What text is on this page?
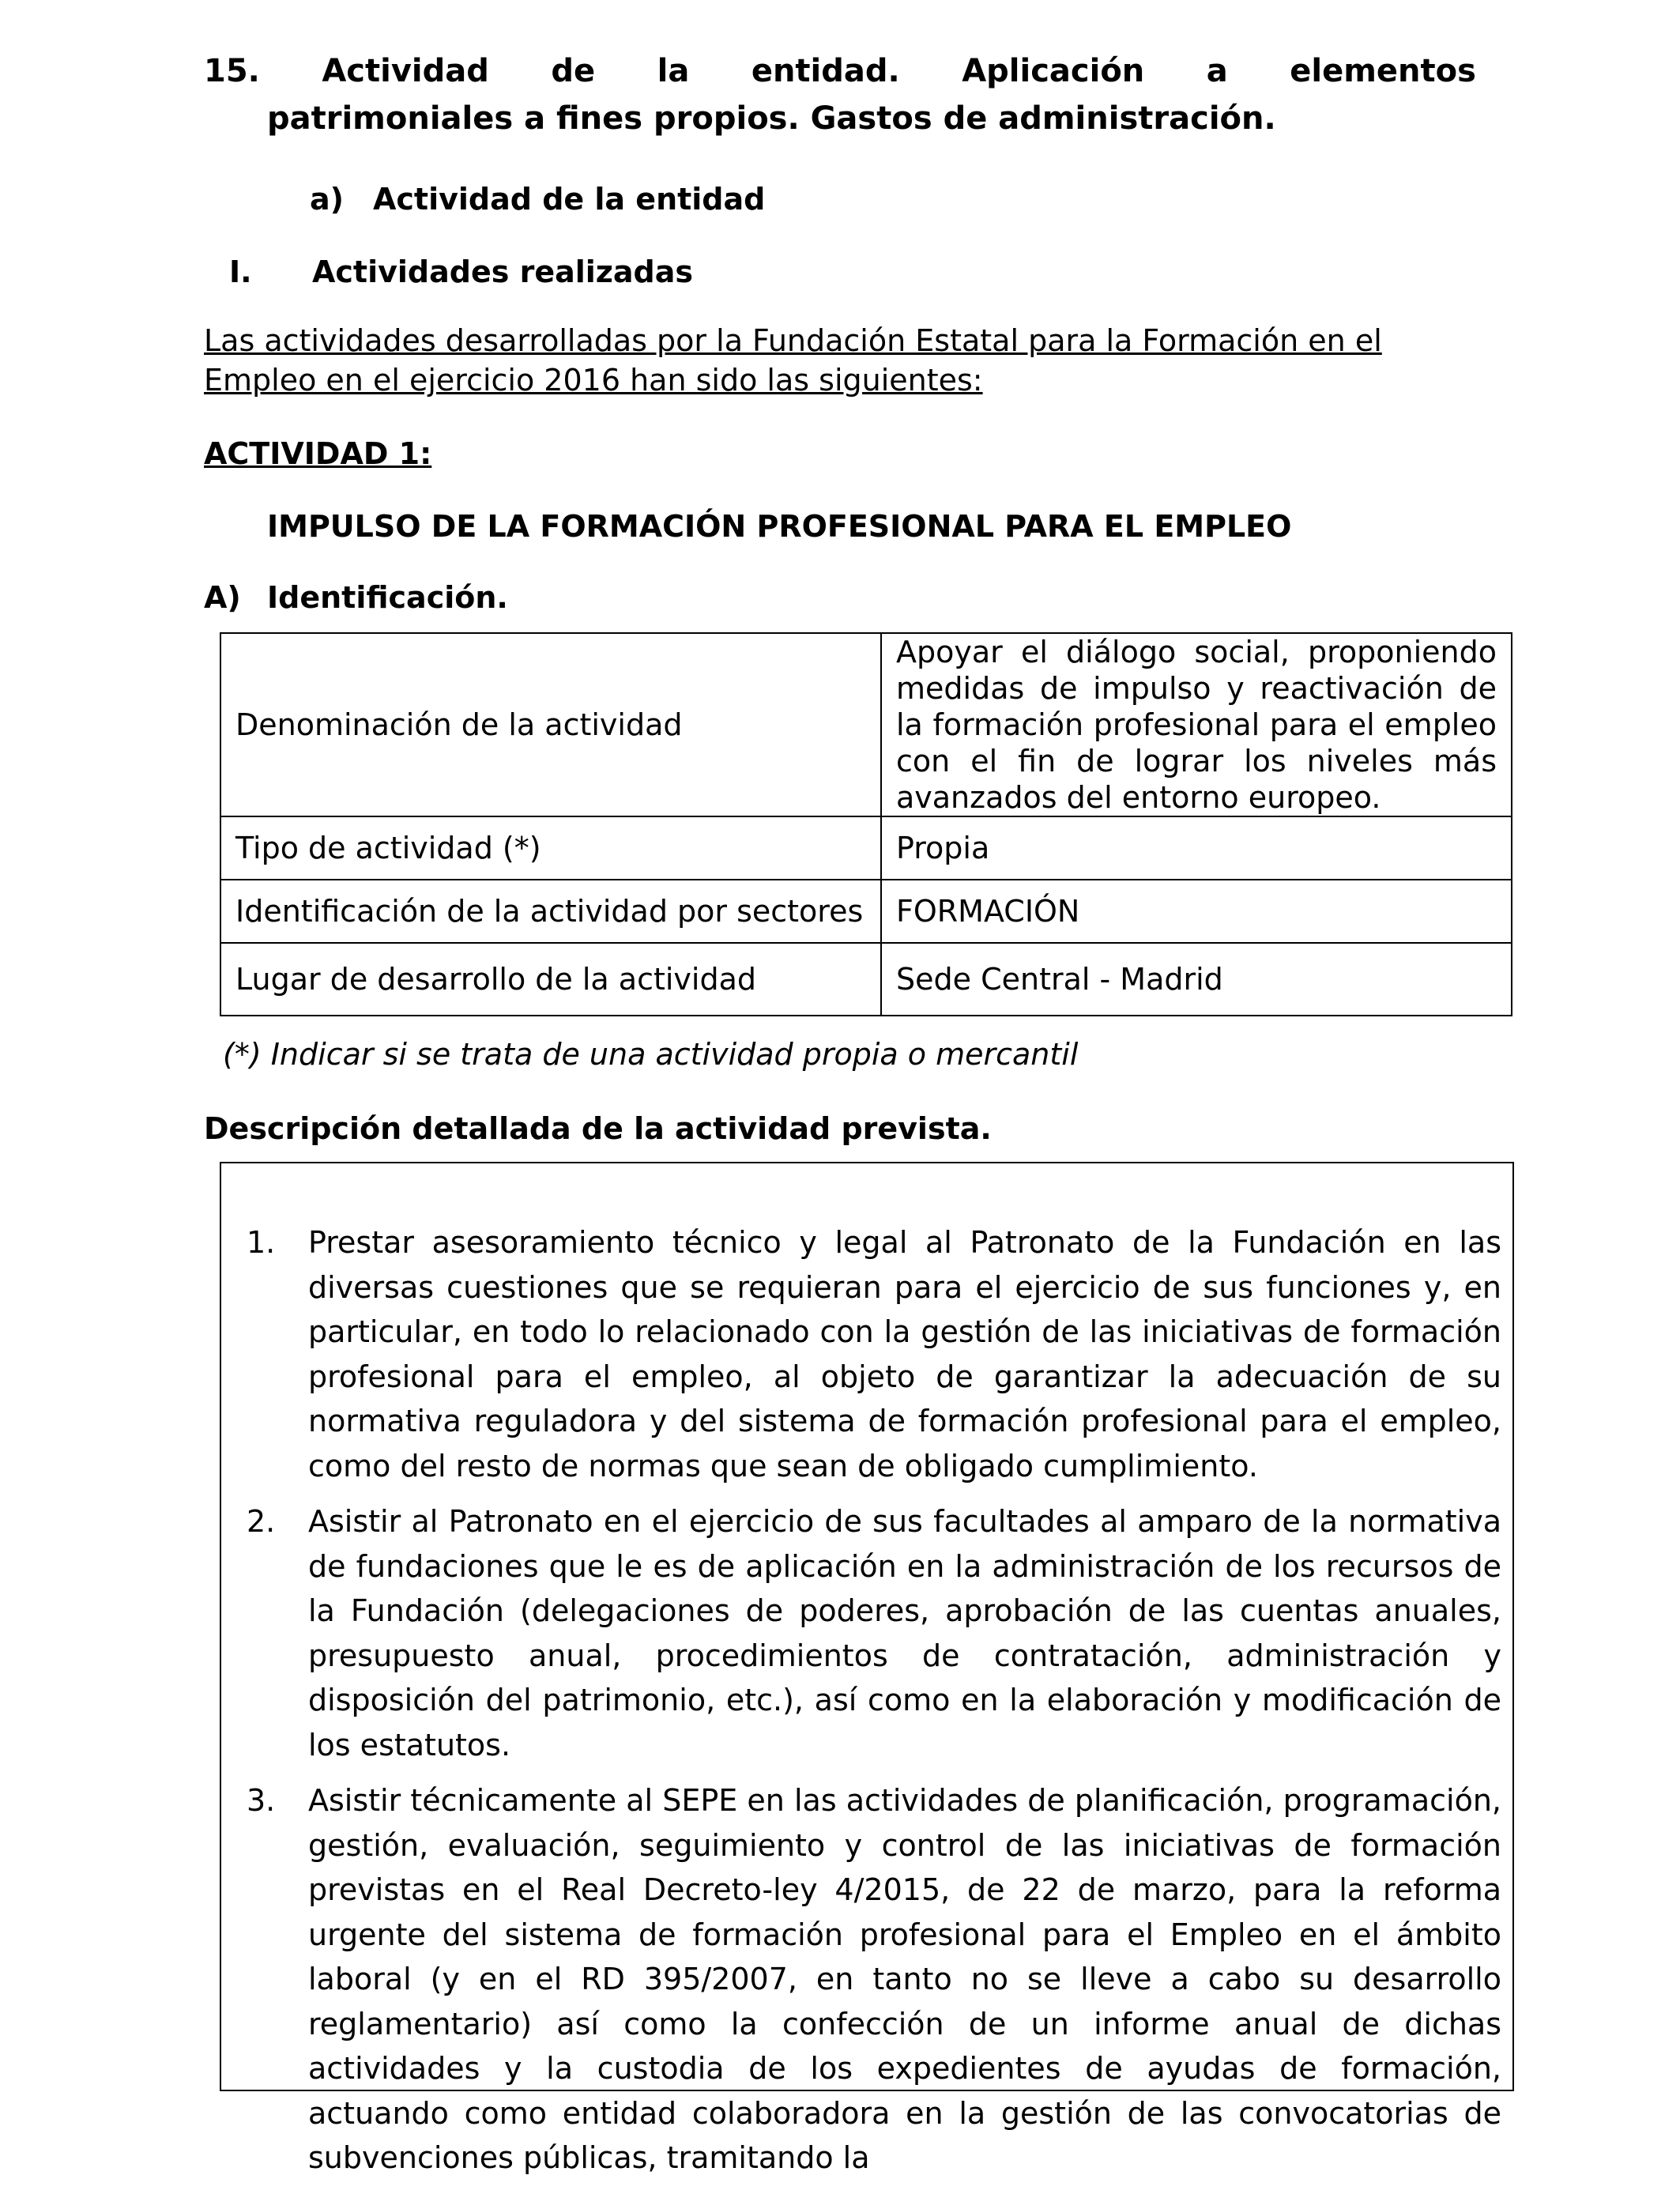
15. Actividad de la entidad. Aplicación a elementos
patrimoniales a fines propios. Gastos de administración.
a) Actividad de la entidad
I. Actividades realizadas
Las actividades desarrolladas por la Fundación Estatal para la Formación en el Empleo en el ejercicio 2016 han sido las siguientes:
ACTIVIDAD 1:
IMPULSO DE LA FORMACIÓN PROFESIONAL PARA EL EMPLEO
A) Identificación.
Denominación de la actividad	Apoyar el diálogo social, proponiendo medidas de impulso y reactivación de la formación profesional para el empleo con el fin de lograr los niveles más avanzados del entorno europeo.
Tipo de actividad (*)	Propia
Identificación de la actividad por sectores	FORMACIÓN
Lugar de desarrollo de la actividad	Sede Central - Madrid
(*) Indicar si se trata de una actividad propia o mercantil
Descripción detallada de la actividad prevista.
1.	Prestar asesoramiento técnico y legal al Patronato de la Fundación en las diversas cuestiones que se requieran para el ejercicio de sus funciones y, en particular, en todo lo relacionado con la gestión de las iniciativas de formación profesional para el empleo, al objeto de garantizar la adecuación de su normativa reguladora y del sistema de formación profesional para el empleo, como del resto de normas que sean de obligado cumplimiento.
2.	Asistir al Patronato en el ejercicio de sus facultades al amparo de la normativa de fundaciones que le es de aplicación en la administración de los recursos de la Fundación (delegaciones de poderes, aprobación de las cuentas anuales, presupuesto anual, procedimientos de contratación, administración y disposición del patrimonio, etc.), así como en la elaboración y modificación de los estatutos.
3.	Asistir técnicamente al SEPE en las actividades de planificación, programación, gestión, evaluación, seguimiento y control de las iniciativas de formación previstas en el Real Decreto-ley 4/2015, de 22 de marzo, para la reforma urgente del sistema de formación profesional para el Empleo en el ámbito laboral (y en el RD 395/2007, en tanto no se lleve a cabo su desarrollo reglamentario) así como la confección de un informe anual de dichas actividades y la custodia de los expedientes de ayudas de formación, actuando como entidad colaboradora en la gestión de las convocatorias de subvenciones públicas, tramitando la
